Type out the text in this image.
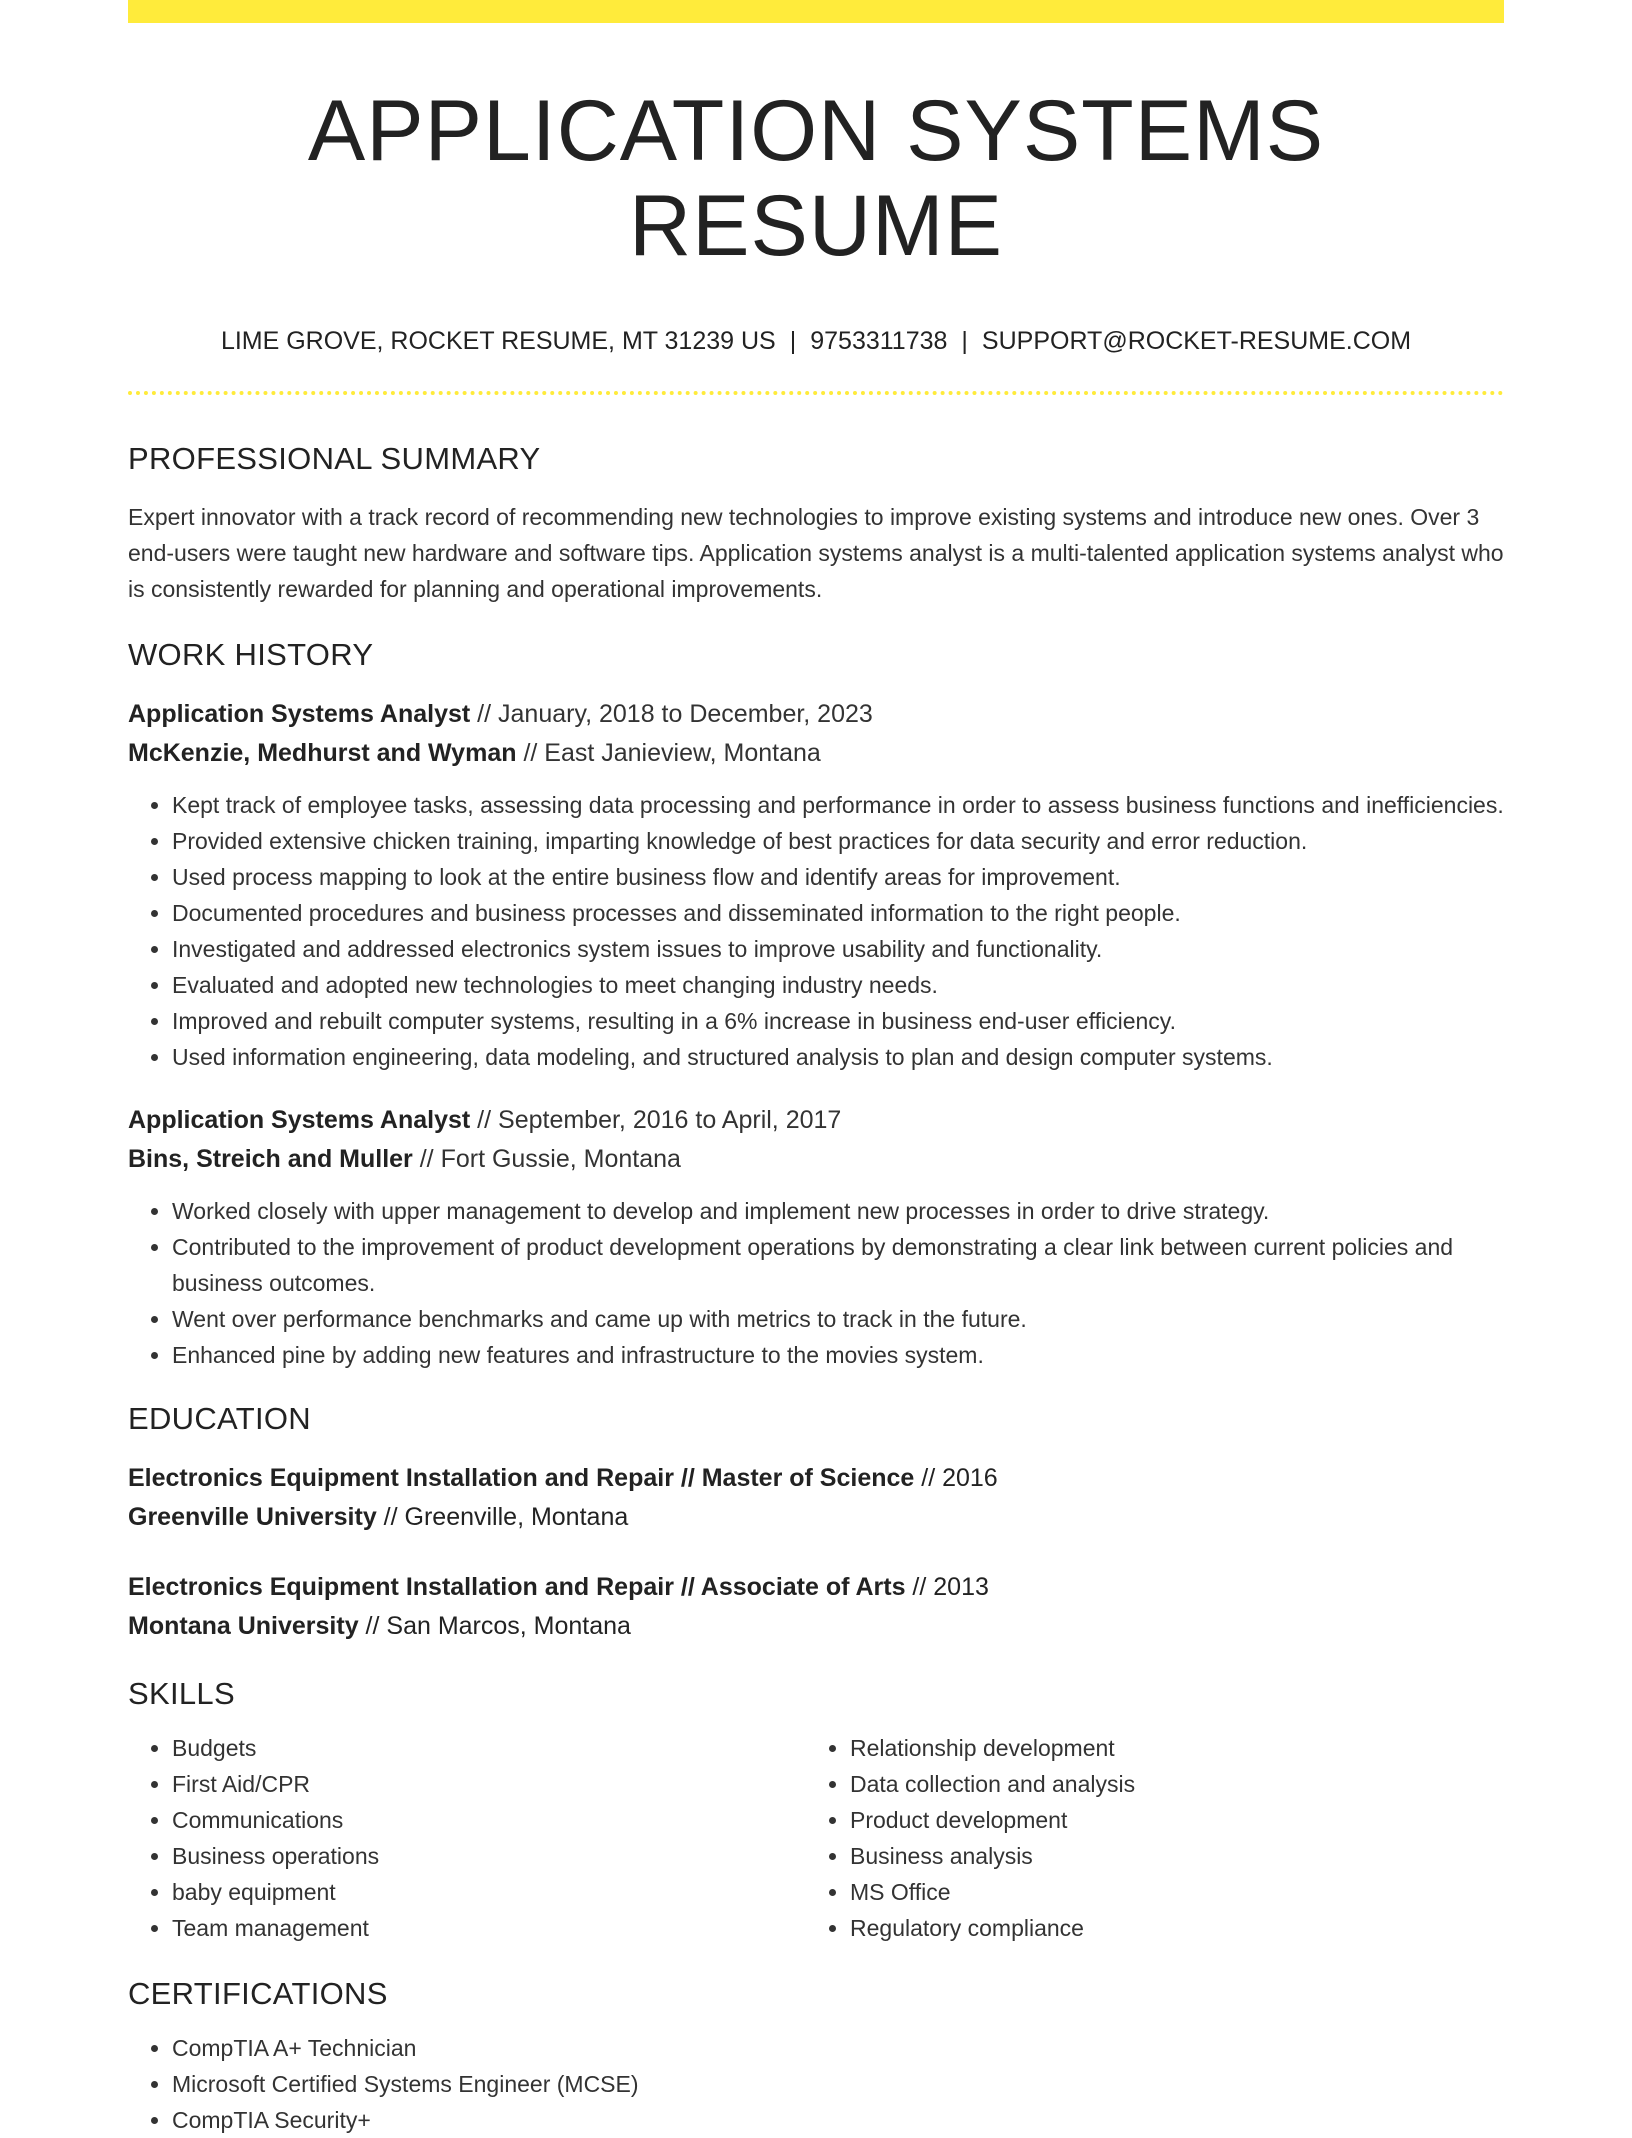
APPLICATION SYSTEMS RESUME
LIME GROVE, ROCKET RESUME, MT 31239 US | 9753311738 | SUPPORT@ROCKET-RESUME.COM
PROFESSIONAL SUMMARY
Expert innovator with a track record of recommending new technologies to improve existing systems and introduce new ones. Over 3 end-users were taught new hardware and software tips. Application systems analyst is a multi-talented application systems analyst who is consistently rewarded for planning and operational improvements.
WORK HISTORY
Application Systems Analyst // January, 2018 to December, 2023
McKenzie, Medhurst and Wyman // East Janieview, Montana
• Kept track of employee tasks, assessing data processing and performance in order to assess business functions and inefficiencies.
• Provided extensive chicken training, imparting knowledge of best practices for data security and error reduction.
• Used process mapping to look at the entire business flow and identify areas for improvement.
• Documented procedures and business processes and disseminated information to the right people.
• Investigated and addressed electronics system issues to improve usability and functionality.
• Evaluated and adopted new technologies to meet changing industry needs.
• Improved and rebuilt computer systems, resulting in a 6% increase in business end-user efficiency.
• Used information engineering, data modeling, and structured analysis to plan and design computer systems.
Application Systems Analyst // September, 2016 to April, 2017
Bins, Streich and Muller // Fort Gussie, Montana
• Worked closely with upper management to develop and implement new processes in order to drive strategy.
• Contributed to the improvement of product development operations by demonstrating a clear link between current policies and business outcomes.
• Went over performance benchmarks and came up with metrics to track in the future.
• Enhanced pine by adding new features and infrastructure to the movies system.
EDUCATION
Electronics Equipment Installation and Repair // Master of Science // 2016
Greenville University // Greenville, Montana
Electronics Equipment Installation and Repair // Associate of Arts // 2013
Montana University // San Marcos, Montana
SKILLS
• Budgets
• First Aid/CPR
• Communications
• Business operations
• baby equipment
• Team management
• Relationship development
• Data collection and analysis
• Product development
• Business analysis
• MS Office
• Regulatory compliance
CERTIFICATIONS
• CompTIA A+ Technician
• Microsoft Certified Systems Engineer (MCSE)
• CompTIA Security+
